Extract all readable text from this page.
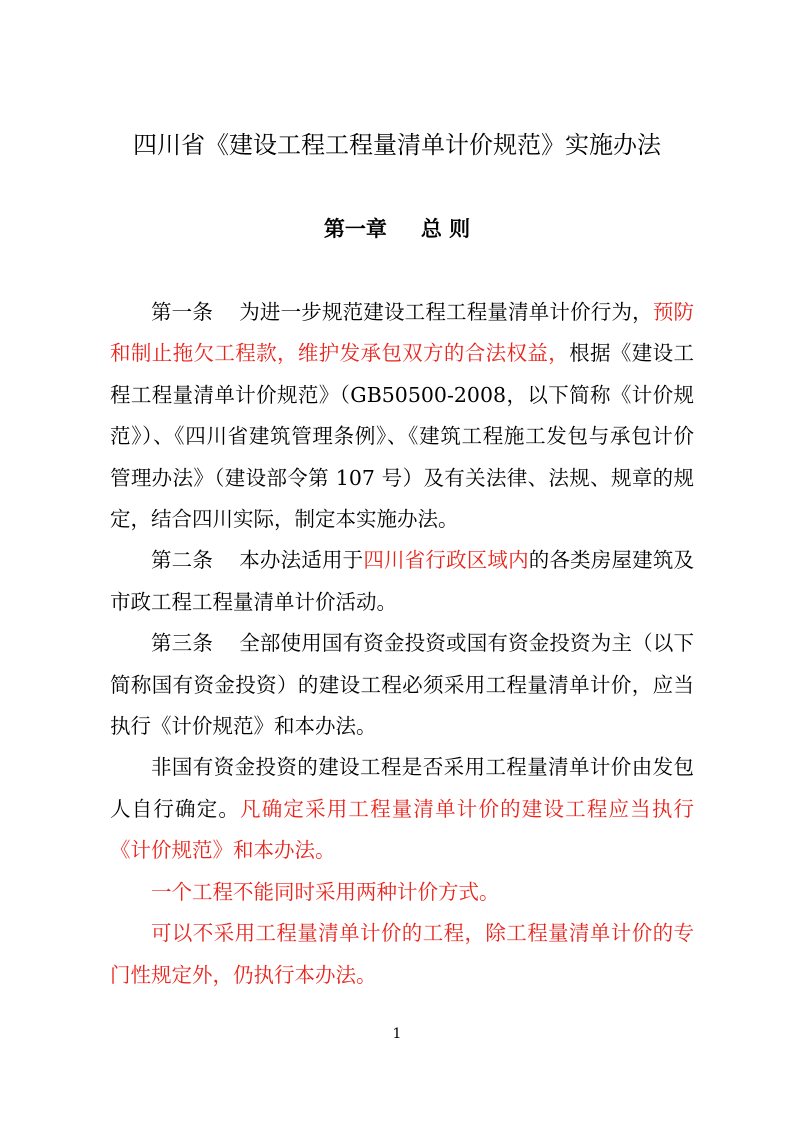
四川省《建设工程工程量清单计价规范》实施办法
第一章 总 则

第一条 为进一步规范建设工程工程量清单计价行为，预防和制止拖欠工程款，维护发承包双方的合法权益，根据《建设工程工程量清单计价规范》（GB50500-2008，以下简称《计价规范》）、《四川省建筑管理条例》、《建筑工程施工发包与承包计价管理办法》（建设部令第 107 号）及有关法律、法规、规章的规定，结合四川实际，制定本实施办法。

第二条 本办法适用于四川省行政区域内的各类房屋建筑及市政工程工程量清单计价活动。

第三条 全部使用国有资金投资或国有资金投资为主（以下简称国有资金投资）的建设工程必须采用工程量清单计价，应当执行《计价规范》和本办法。

非国有资金投资的建设工程是否采用工程量清单计价由发包人自行确定。凡确定采用工程量清单计价的建设工程应当执行《计价规范》和本办法。

一个工程不能同时采用两种计价方式。

可以不采用工程量清单计价的工程，除工程量清单计价的专门性规定外，仍执行本办法。

1
